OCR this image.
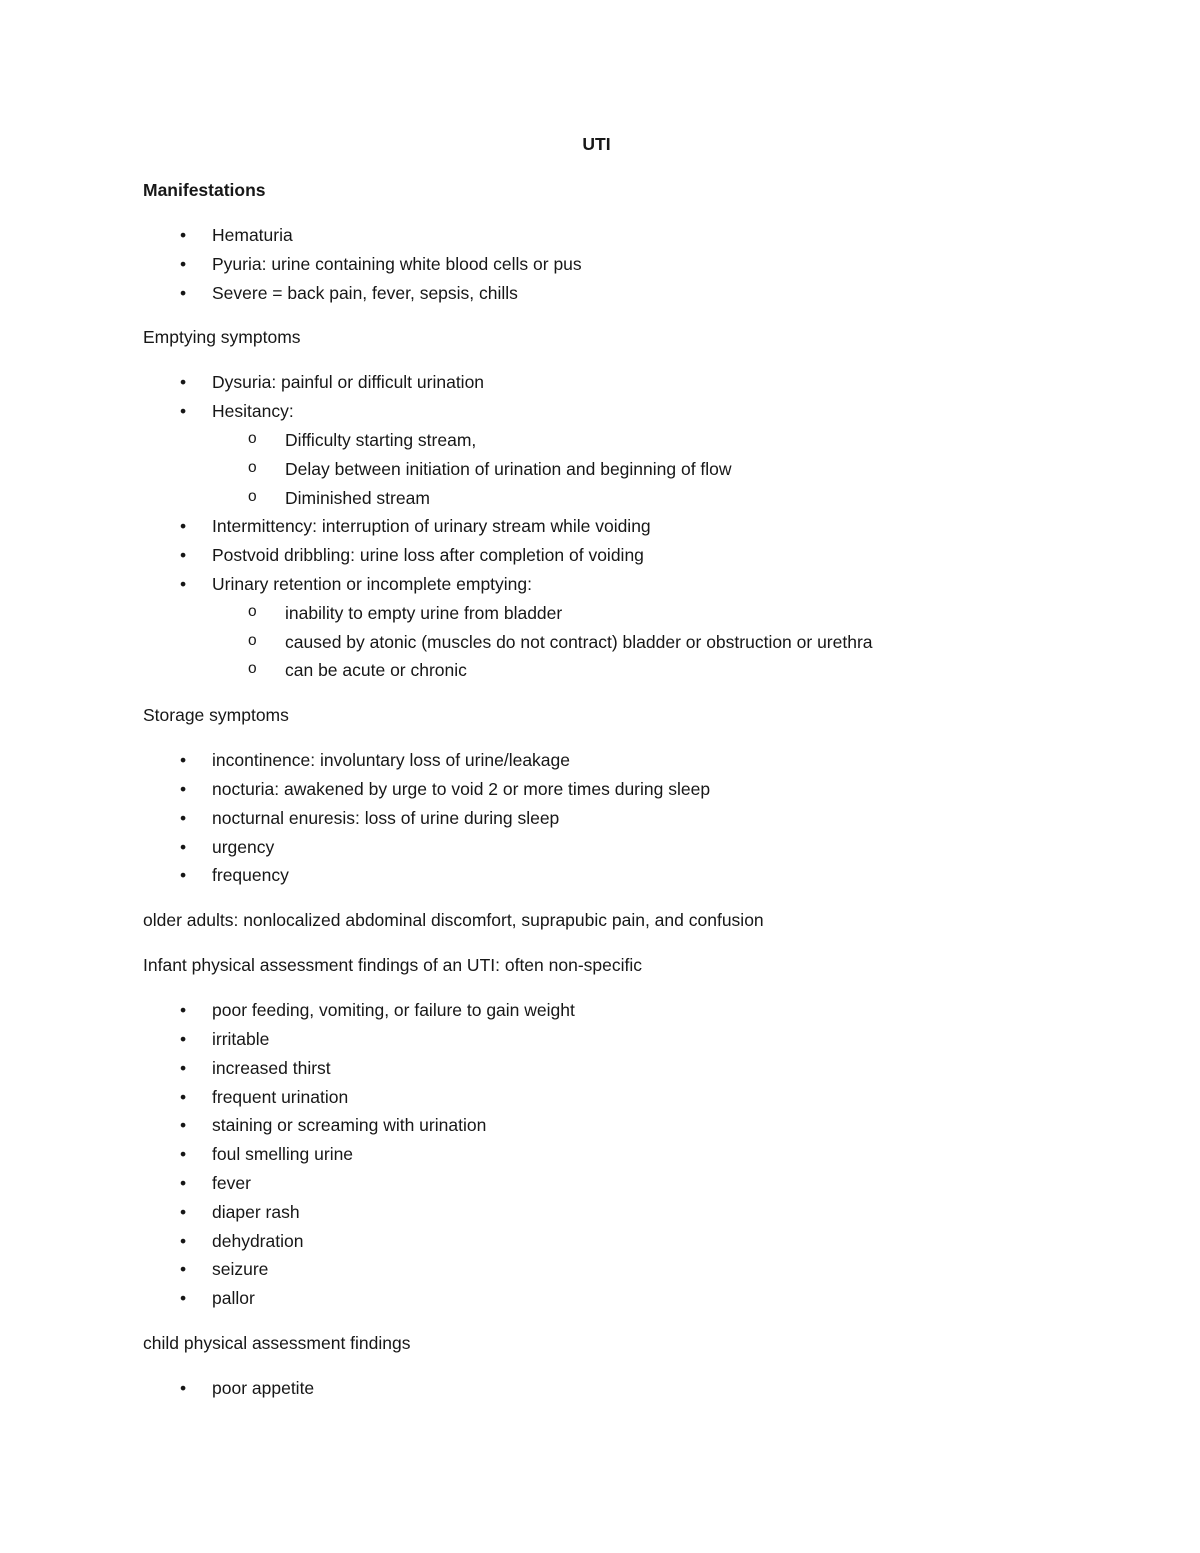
UTI

Manifestations

• Hematuria
• Pyuria: urine containing white blood cells or pus
• Severe = back pain, fever, sepsis, chills

Emptying symptoms

• Dysuria: painful or difficult urination
• Hesitancy:
o Difficulty starting stream,
o Delay between initiation of urination and beginning of flow
o Diminished stream
• Intermittency: interruption of urinary stream while voiding
• Postvoid dribbling: urine loss after completion of voiding
• Urinary retention or incomplete emptying:
o inability to empty urine from bladder
o caused by atonic (muscles do not contract) bladder or obstruction or urethra
o can be acute or chronic

Storage symptoms

• incontinence: involuntary loss of urine/leakage
• nocturia: awakened by urge to void 2 or more times during sleep
• nocturnal enuresis: loss of urine during sleep
• urgency
• frequency

older adults: nonlocalized abdominal discomfort, suprapubic pain, and confusion

Infant physical assessment findings of an UTI: often non-specific

• poor feeding, vomiting, or failure to gain weight
• irritable
• increased thirst
• frequent urination
• staining or screaming with urination
• foul smelling urine
• fever
• diaper rash
• dehydration
• seizure
• pallor

child physical assessment findings

• poor appetite
